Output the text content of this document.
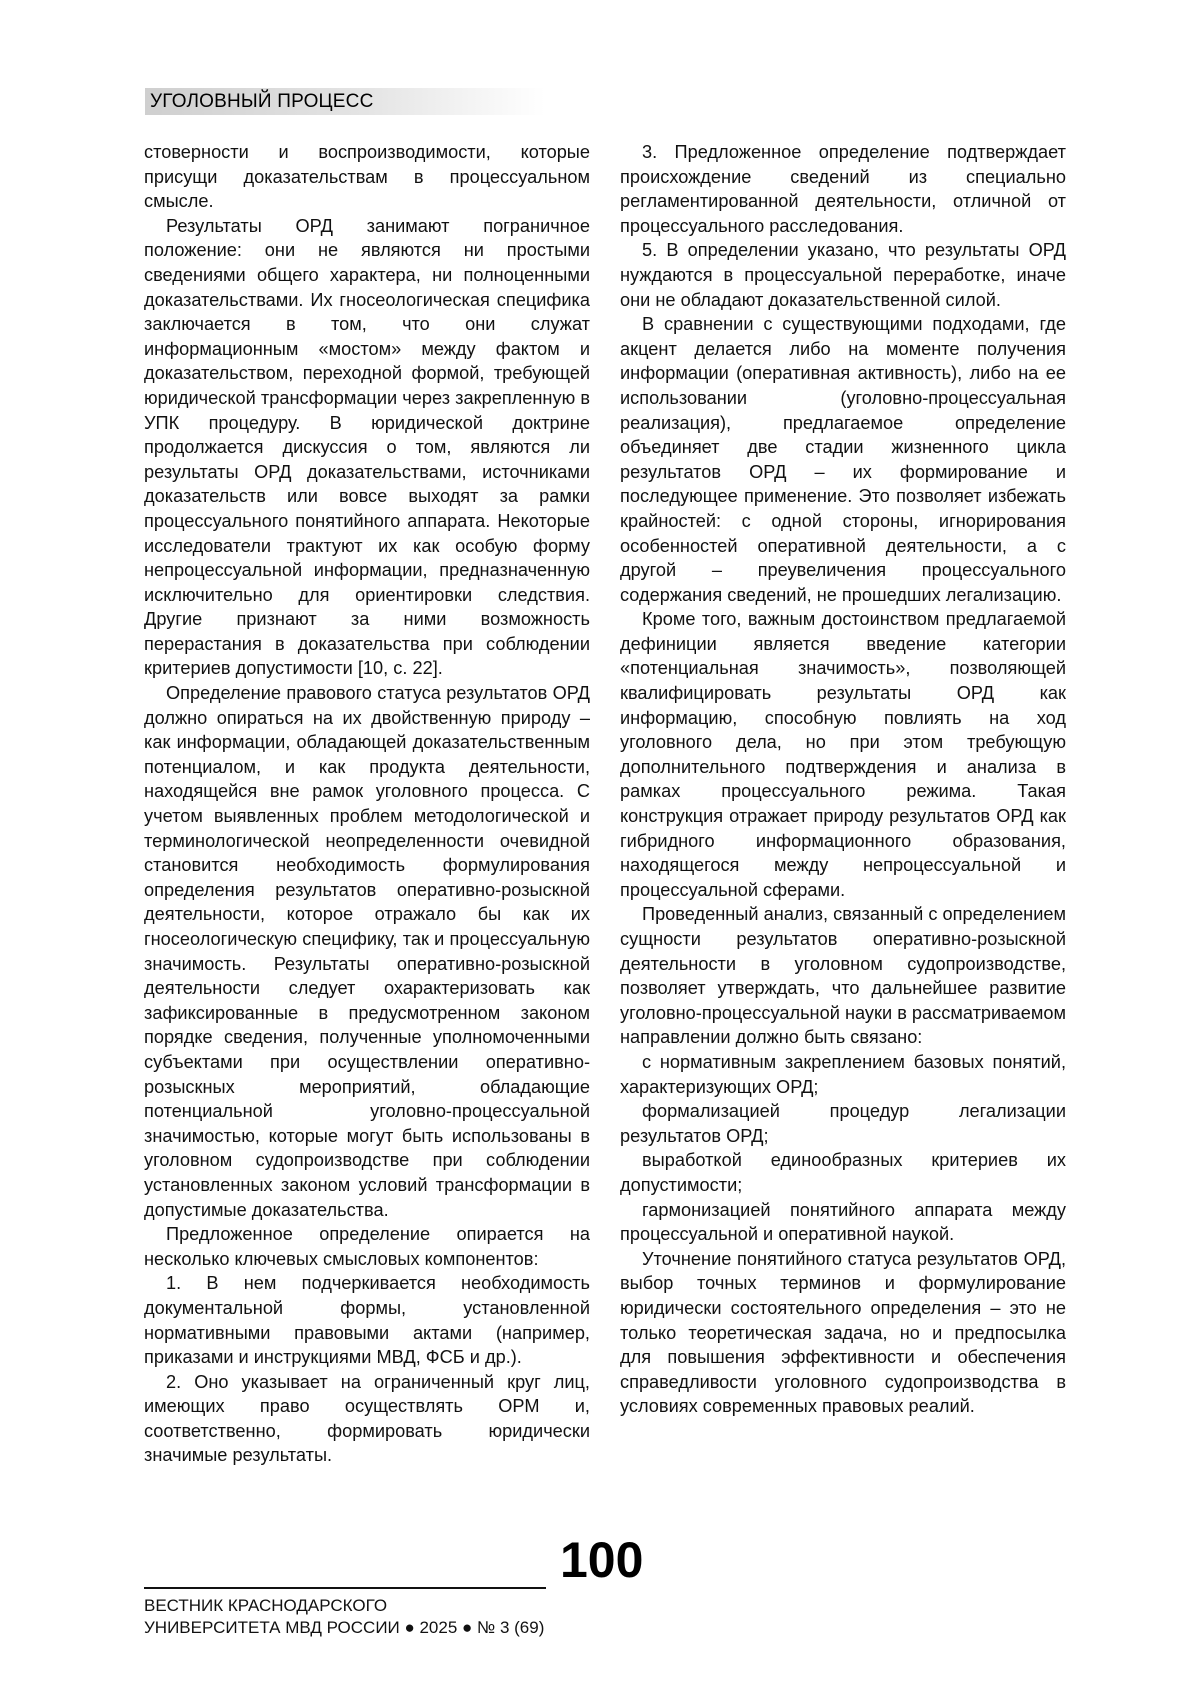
УГОЛОВНЫЙ ПРОЦЕСС

стоверности и воспроизводимости, которые присущи доказательствам в процессуальном смысле.

Результаты ОРД занимают пограничное положение: они не являются ни простыми сведениями общего характера, ни полноценными доказательствами. Их гносеологическая специфика заключается в том, что они служат информационным «мостом» между фактом и доказательством, переходной формой, требующей юридической трансформации через закрепленную в УПК процедуру. В юридической доктрине продолжается дискуссия о том, являются ли результаты ОРД доказательствами, источниками доказательств или вовсе выходят за рамки процессуального понятийного аппарата. Некоторые исследователи трактуют их как особую форму непроцессуальной информации, предназначенную исключительно для ориентировки следствия. Другие признают за ними возможность перерастания в доказательства при соблюдении критериев допустимости [10, с. 22].

Определение правового статуса результатов ОРД должно опираться на их двойственную природу – как информации, обладающей доказательственным потенциалом, и как продукта деятельности, находящейся вне рамок уголовного процесса. С учетом выявленных проблем методологической и терминологической неопределенности очевидной становится необходимость формулирования определения результатов оперативно-розыскной деятельности, которое отражало бы как их гносеологическую специфику, так и процессуальную значимость. Результаты оперативно-розыскной деятельности следует охарактеризовать как зафиксированные в предусмотренном законом порядке сведения, полученные уполномоченными субъектами при осуществлении оперативно-розыскных мероприятий, обладающие потенциальной уголовно-процессуальной значимостью, которые могут быть использованы в уголовном судопроизводстве при соблюдении установленных законом условий трансформации в допустимые доказательства.

Предложенное определение опирается на несколько ключевых смысловых компонентов:

1. В нем подчеркивается необходимость документальной формы, установленной нормативными правовыми актами (например, приказами и инструкциями МВД, ФСБ и др.).

2. Оно указывает на ограниченный круг лиц, имеющих право осуществлять ОРМ и, соответственно, формировать юридически значимые результаты.

3. Предложенное определение подтверждает происхождение сведений из специально регламентированной деятельности, отличной от процессуального расследования.

5. В определении указано, что результаты ОРД нуждаются в процессуальной переработке, иначе они не обладают доказательственной силой.

В сравнении с существующими подходами, где акцент делается либо на моменте получения информации (оперативная активность), либо на ее использовании (уголовно-процессуальная реализация), предлагаемое определение объединяет две стадии жизненного цикла результатов ОРД – их формирование и последующее применение. Это позволяет избежать крайностей: с одной стороны, игнорирования особенностей оперативной деятельности, а с другой – преувеличения процессуального содержания сведений, не прошедших легализацию.

Кроме того, важным достоинством предлагаемой дефиниции является введение категории «потенциальная значимость», позволяющей квалифицировать результаты ОРД как информацию, способную повлиять на ход уголовного дела, но при этом требующую дополнительного подтверждения и анализа в рамках процессуального режима. Такая конструкция отражает природу результатов ОРД как гибридного информационного образования, находящегося между непроцессуальной и процессуальной сферами.

Проведенный анализ, связанный с определением сущности результатов оперативно-розыскной деятельности в уголовном судопроизводстве, позволяет утверждать, что дальнейшее развитие уголовно-процессуальной науки в рассматриваемом направлении должно быть связано:

с нормативным закреплением базовых понятий, характеризующих ОРД;

формализацией процедур легализации результатов ОРД;

выработкой единообразных критериев их допустимости;

гармонизацией понятийного аппарата между процессуальной и оперативной наукой.

Уточнение понятийного статуса результатов ОРД, выбор точных терминов и формулирование юридически состоятельного определения – это не только теоретическая задача, но и предпосылка для повышения эффективности и обеспечения справедливости уголовного судопроизводства в условиях современных правовых реалий.

100
ВЕСТНИК КРАСНОДАРСКОГО
УНИВЕРСИТЕТА МВД РОССИИ ● 2025 ● № 3 (69)
